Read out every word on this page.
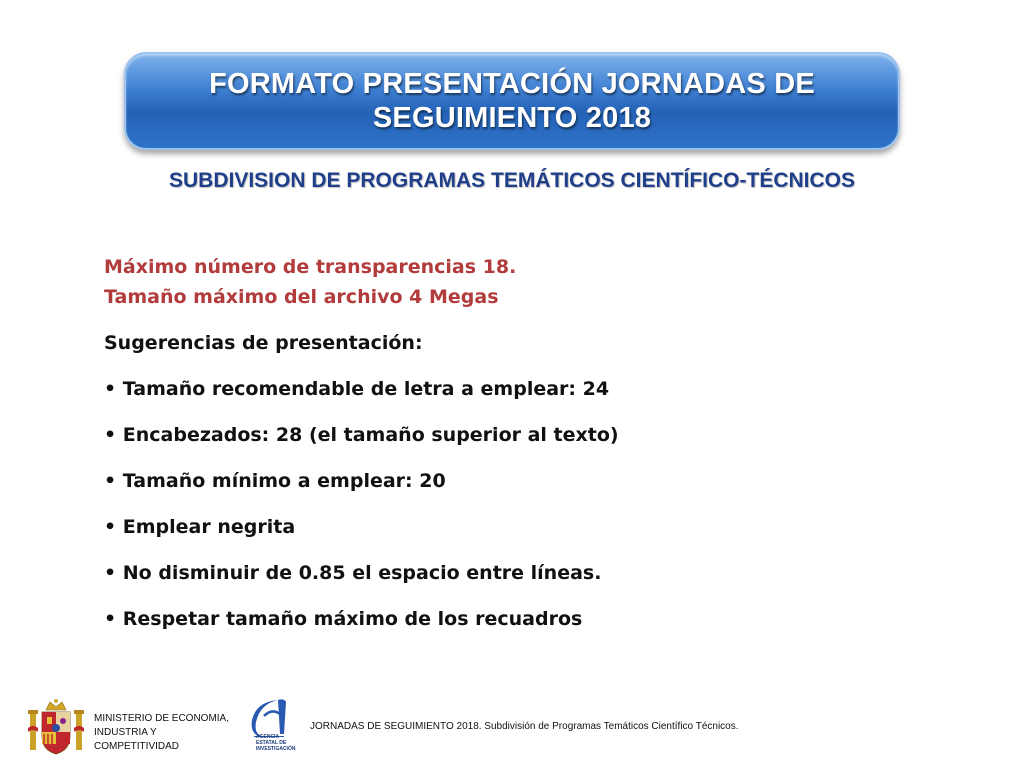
FORMATO PRESENTACIÓN JORNADAS DE
SEGUIMIENTO 2018
SUBDIVISION DE PROGRAMAS TEMÁTICOS CIENTÍFICO-TÉCNICOS

Máximo número de transparencias 18.

Tamaño máximo del archivo 4 Megas

Sugerencias de presentación:

• Tamaño recomendable de letra a emplear: 24
• Encabezados: 28 (el tamaño superior al texto)
• Tamaño mínimo a emplear: 20
• Emplear negrita
• No disminuir de 0.85 el espacio entre líneas.
• Respetar tamaño máximo de los recuadros
MINISTERIO DE ECONOMIA,
INDUSTRIA Y
COMPETITIVIDAD
AGENCIA
ESTATAL DE
INVESTIGACIÓN
JORNADAS DE SEGUIMIENTO 2018. Subdivisión de Programas Temáticos Científico Técnicos.
